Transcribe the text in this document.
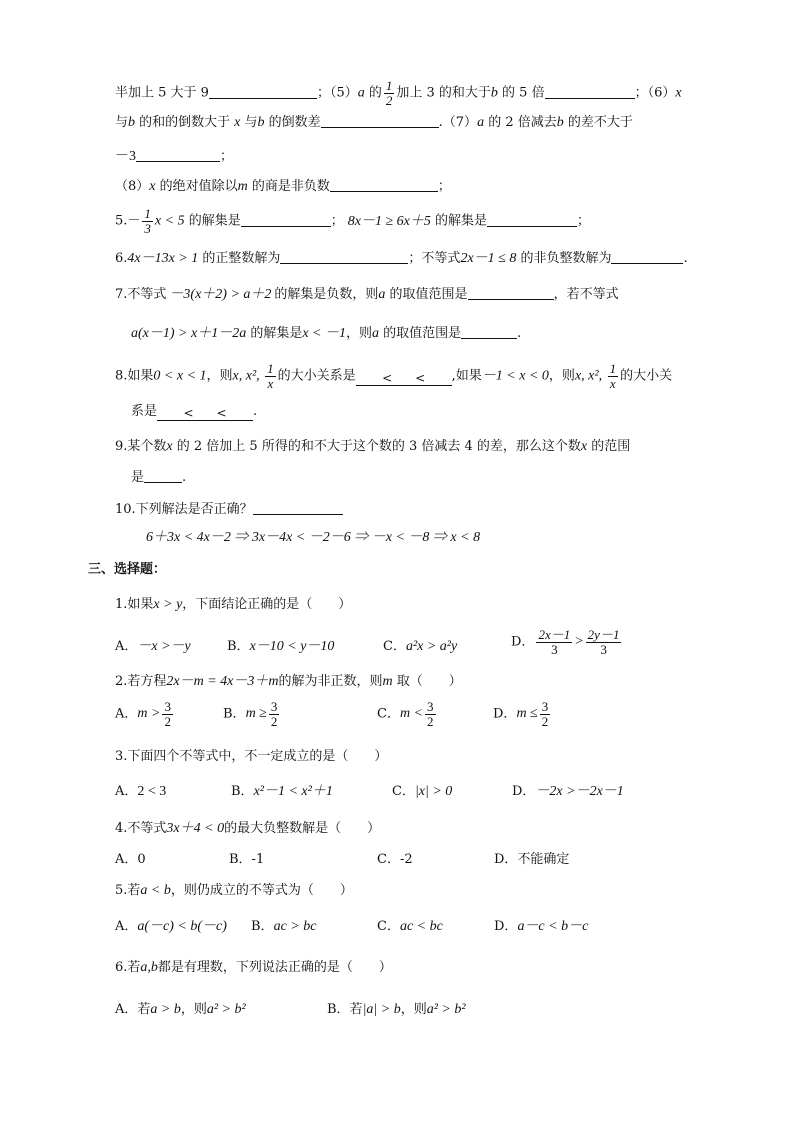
半加上 5 大于 9	；（5）a 的 $\frac{1}{2}$ 加上 3 的和大于b 的 5 倍	；（6）x
与b 的和的倒数大于 x 与b 的倒数差	.（7）a 的 2 倍减去b 的差不大于
－3	；
（8）x 的绝对值除以m 的商是非负数	；
$5.- \frac{1}{3}$ x < 5 的解集是	； 8x－1 ≥ 6x＋5 的解集是	；
6.4x－13x > 1 的正整数解为	；不等式2x－1 ≤ 8 的非负整数解为	.
7.不等式 －3(x＋2) > a＋2 的解集是负数，则a 的取值范围是	，若不等式
a(x－1) > x＋1－2a 的解集是x < －1，则a 的取值范围是	.
8.如果0 < x < 1，则x, x², $\frac{1}{x}$ 的大小关系是 <      < ,如果－1 < x < 0，则x, x², $\frac{1}{x}$ 的大小关
系是 <      < .
9.某个数x 的 2 倍加上 5 所得的和不大于这个数的 3 倍减去 4 的差，那么这个数x 的范围
是	.
10.下列解法是否正确？
6＋3x < 4x－2 ⇒ 3x－4x < －2－6 ⇒ －x < －8 ⇒ x < 8
三、选择题：
1.如果x > y，下面结论正确的是（　　）
A．－x >－y	B．x－10 < y－10	C．a²x > a²y	D． $\frac{2x-1}{3} > \frac{2y-1}{3}$
2.若方程2x－m = 4x－3＋m的解为非正数，则m 取（　　）
A．$m > \frac{3}{2}$	B．$m \ge \frac{3}{2}$	C．$m < \frac{3}{2}$	D．$m \le \frac{3}{2}$
3.下面四个不等式中，不一定成立的是（　　）
A．2 < 3	B．x²－1 < x²＋1	C．|x| > 0	D．－2x >－2x－1
4.不等式3x＋4 < 0的最大负整数解是（　　）
A．0	B．-1	C．-2	D．不能确定
5.若a < b，则仍成立的不等式为（　　）
A．a(－c) < b(－c) B．ac > bc	C．ac < bc	D．a－c < b－c
6.若a,b都是有理数，下列说法正确的是（　　）
A．若a > b，则a² > b²	B．若|a| > b，则a² > b²
